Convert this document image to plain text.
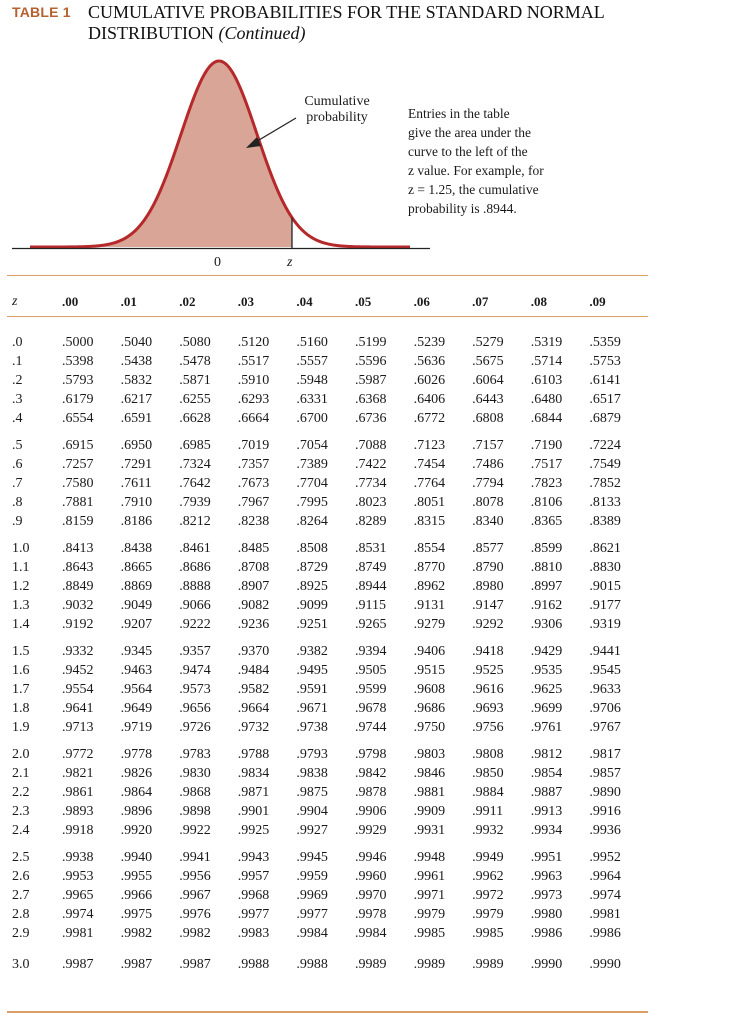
TABLE 1 CUMULATIVE PROBABILITIES FOR THE STANDARD NORMAL
DISTRIBUTION (Continued)
Cumulative
probability	Entries in the table
give the area under the
curve to the left of the
z value. For example, for
z = 1.25, the cumulative
probability is .8944.
0	z
z	.00	.01	.02	.03	.04	.05	.06	.07	.08	.09

.0	.5000	.5040	.5080	.5120	.5160	.5199	.5239	.5279	.5319	.5359
.1	.5398	.5438	.5478	.5517	.5557	.5596	.5636	.5675	.5714	.5753
.2	.5793	.5832	.5871	.5910	.5948	.5987	.6026	.6064	.6103	.6141
.3	.6179	.6217	.6255	.6293	.6331	.6368	.6406	.6443	.6480	.6517
.4	.6554	.6591	.6628	.6664	.6700	.6736	.6772	.6808	.6844	.6879

.5	.6915	.6950	.6985	.7019	.7054	.7088	.7123	.7157	.7190	.7224
.6	.7257	.7291	.7324	.7357	.7389	.7422	.7454	.7486	.7517	.7549
.7	.7580	.7611	.7642	.7673	.7704	.7734	.7764	.7794	.7823	.7852
.8	.7881	.7910	.7939	.7967	.7995	.8023	.8051	.8078	.8106	.8133
.9	.8159	.8186	.8212	.8238	.8264	.8289	.8315	.8340	.8365	.8389

1.0	.8413	.8438	.8461	.8485	.8508	.8531	.8554	.8577	.8599	.8621
1.1	.8643	.8665	.8686	.8708	.8729	.8749	.8770	.8790	.8810	.8830
1.2	.8849	.8869	.8888	.8907	.8925	.8944	.8962	.8980	.8997	.9015
1.3	.9032	.9049	.9066	.9082	.9099	.9115	.9131	.9147	.9162	.9177
1.4	.9192	.9207	.9222	.9236	.9251	.9265	.9279	.9292	.9306	.9319

1.5	.9332	.9345	.9357	.9370	.9382	.9394	.9406	.9418	.9429	.9441
1.6	.9452	.9463	.9474	.9484	.9495	.9505	.9515	.9525	.9535	.9545
1.7	.9554	.9564	.9573	.9582	.9591	.9599	.9608	.9616	.9625	.9633
1.8	.9641	.9649	.9656	.9664	.9671	.9678	.9686	.9693	.9699	.9706
1.9	.9713	.9719	.9726	.9732	.9738	.9744	.9750	.9756	.9761	.9767

2.0	.9772	.9778	.9783	.9788	.9793	.9798	.9803	.9808	.9812	.9817
2.1	.9821	.9826	.9830	.9834	.9838	.9842	.9846	.9850	.9854	.9857
2.2	.9861	.9864	.9868	.9871	.9875	.9878	.9881	.9884	.9887	.9890
2.3	.9893	.9896	.9898	.9901	.9904	.9906	.9909	.9911	.9913	.9916
2.4	.9918	.9920	.9922	.9925	.9927	.9929	.9931	.9932	.9934	.9936

2.5	.9938	.9940	.9941	.9943	.9945	.9946	.9948	.9949	.9951	.9952
2.6	.9953	.9955	.9956	.9957	.9959	.9960	.9961	.9962	.9963	.9964
2.7	.9965	.9966	.9967	.9968	.9969	.9970	.9971	.9972	.9973	.9974
2.8	.9974	.9975	.9976	.9977	.9977	.9978	.9979	.9979	.9980	.9981
2.9	.9981	.9982	.9982	.9983	.9984	.9984	.9985	.9985	.9986	.9986

3.0	.9987	.9987	.9987	.9988	.9988	.9989	.9989	.9989	.9990	.9990
